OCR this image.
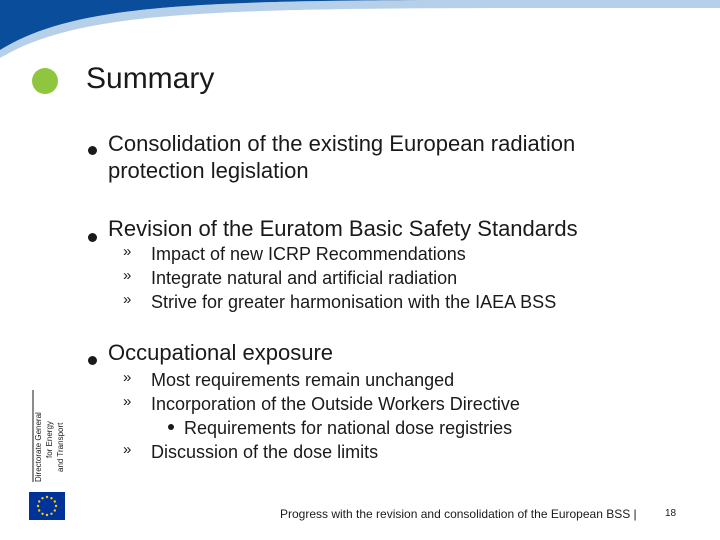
Summary
Consolidation of the existing European radiation
protection legislation
Revision of the Euratom Basic Safety Standards
» Impact of new ICRP Recommendations
» Integrate natural and artificial radiation
» Strive for greater harmonisation with the IAEA BSS
Occupational exposure
» Most requirements remain unchanged
» Incorporation of the Outside Workers Directive
Requirements for national dose registries
» Discussion of the dose limits
Directorate General for Energy and Transport
Progress with the revision and consolidation of the European BSS |	18
